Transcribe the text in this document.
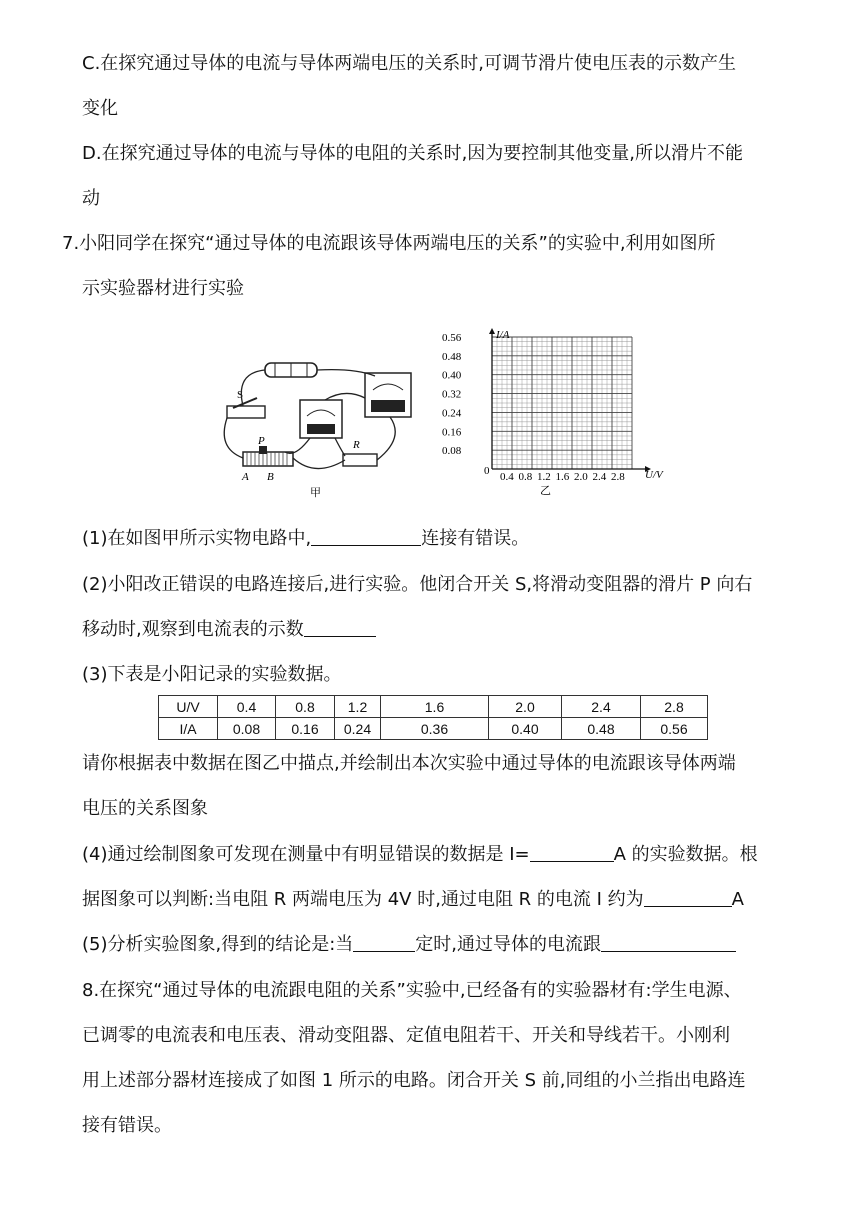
C.在探究通过导体的电流与导体两端电压的关系时,可调节滑片使电压表的示数产生
变化
D.在探究通过导体的电流与导体的电阻的关系时,因为要控制其他变量,所以滑片不能
动
7.小阳同学在探究“通过导体的电流跟该导体两端电压的关系”的实验中,利用如图所
示实验器材进行实验
S
P
A B
R
甲
I/A
U/V
0
0.56
0.48
0.40
0.32
0.24
0.16
0.08
0.4 0.8 1.2 1.6 2.0 2.4 2.8
乙
(1)在如图甲所示实物电路中,	连接有错误。
(2)小阳改正错误的电路连接后,进行实验。他闭合开关 S,将滑动变阻器的滑片 P 向右
移动时,观察到电流表的示数
(3)下表是小阳记录的实验数据。
U/V	0.4	0.8	1.2	1.6	2.0	2.4	2.8
I/A	0.08	0.16	0.24	0.36	0.40	0.48	0.56
请你根据表中数据在图乙中描点,并绘制出本次实验中通过导体的电流跟该导体两端
电压的关系图象
(4)通过绘制图象可发现在测量中有明显错误的数据是 I=	A 的实验数据。根
据图象可以判断:当电阻 R 两端电压为 4V 时,通过电阻 R 的电流 I 约为	A
(5)分析实验图象,得到的结论是:当	定时,通过导体的电流跟
8.在探究“通过导体的电流跟电阻的关系”实验中,已经备有的实验器材有:学生电源、
已调零的电流表和电压表、滑动变阻器、定值电阻若干、开关和导线若干。小刚利
用上述部分器材连接成了如图 1 所示的电路。闭合开关 S 前,同组的小兰指出电路连
接有错误。
